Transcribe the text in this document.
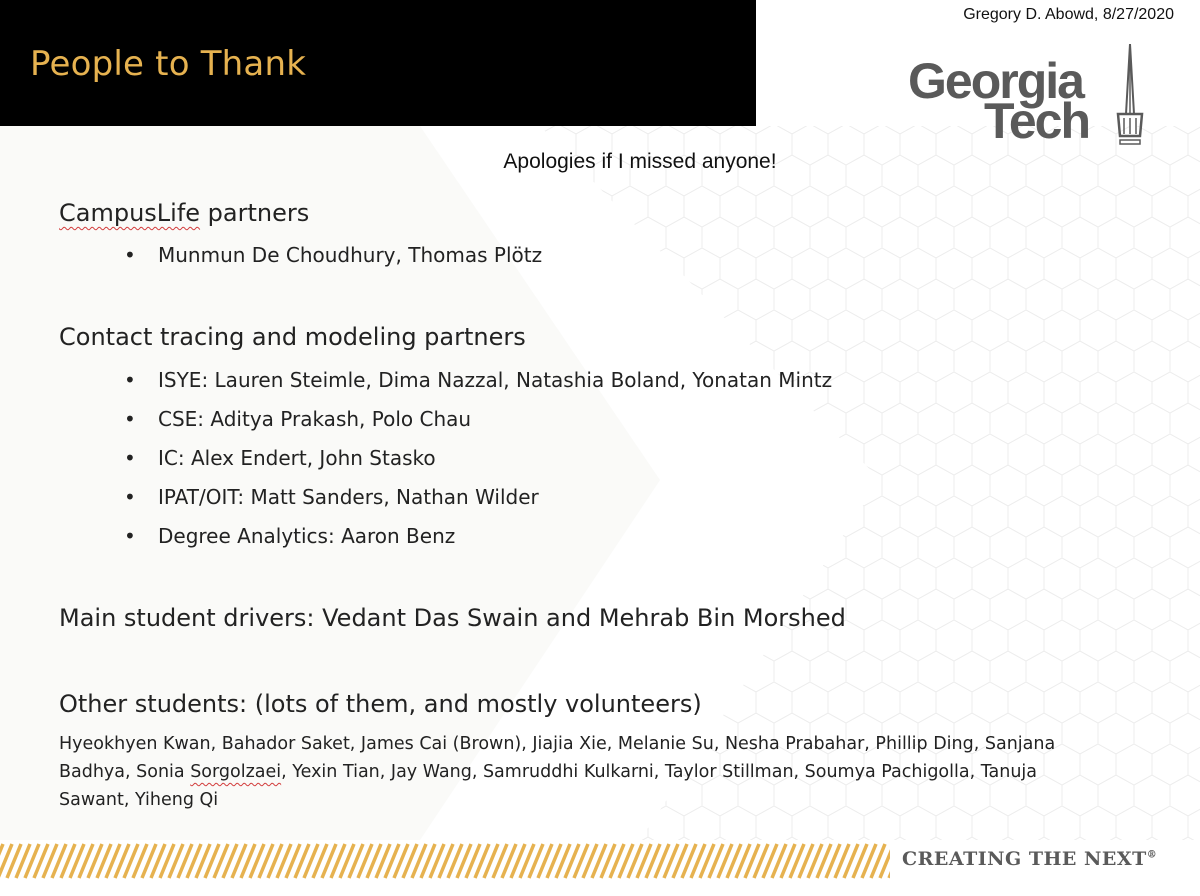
People to Thank
Gregory D. Abowd, 8/27/2020
Georgia
Tech
Apologies if I missed anyone!
CampusLife partners
• Munmun De Choudhury, Thomas Plötz
Contact tracing and modeling partners
• ISYE: Lauren Steimle, Dima Nazzal, Natashia Boland, Yonatan Mintz
• CSE: Aditya Prakash, Polo Chau
• IC: Alex Endert, John Stasko
• IPAT/OIT: Matt Sanders, Nathan Wilder
• Degree Analytics: Aaron Benz
Main student drivers: Vedant Das Swain and Mehrab Bin Morshed
Other students: (lots of them, and mostly volunteers)
Hyeokhyen Kwan, Bahador Saket, James Cai (Brown), Jiajia Xie, Melanie Su, Nesha Prabahar, Phillip Ding, Sanjana Badhya, Sonia Sorgolzaei, Yexin Tian, Jay Wang, Samruddhi Kulkarni, Taylor Stillman, Soumya Pachigolla, Tanuja Sawant, Yiheng Qi
CREATING THE NEXT®
